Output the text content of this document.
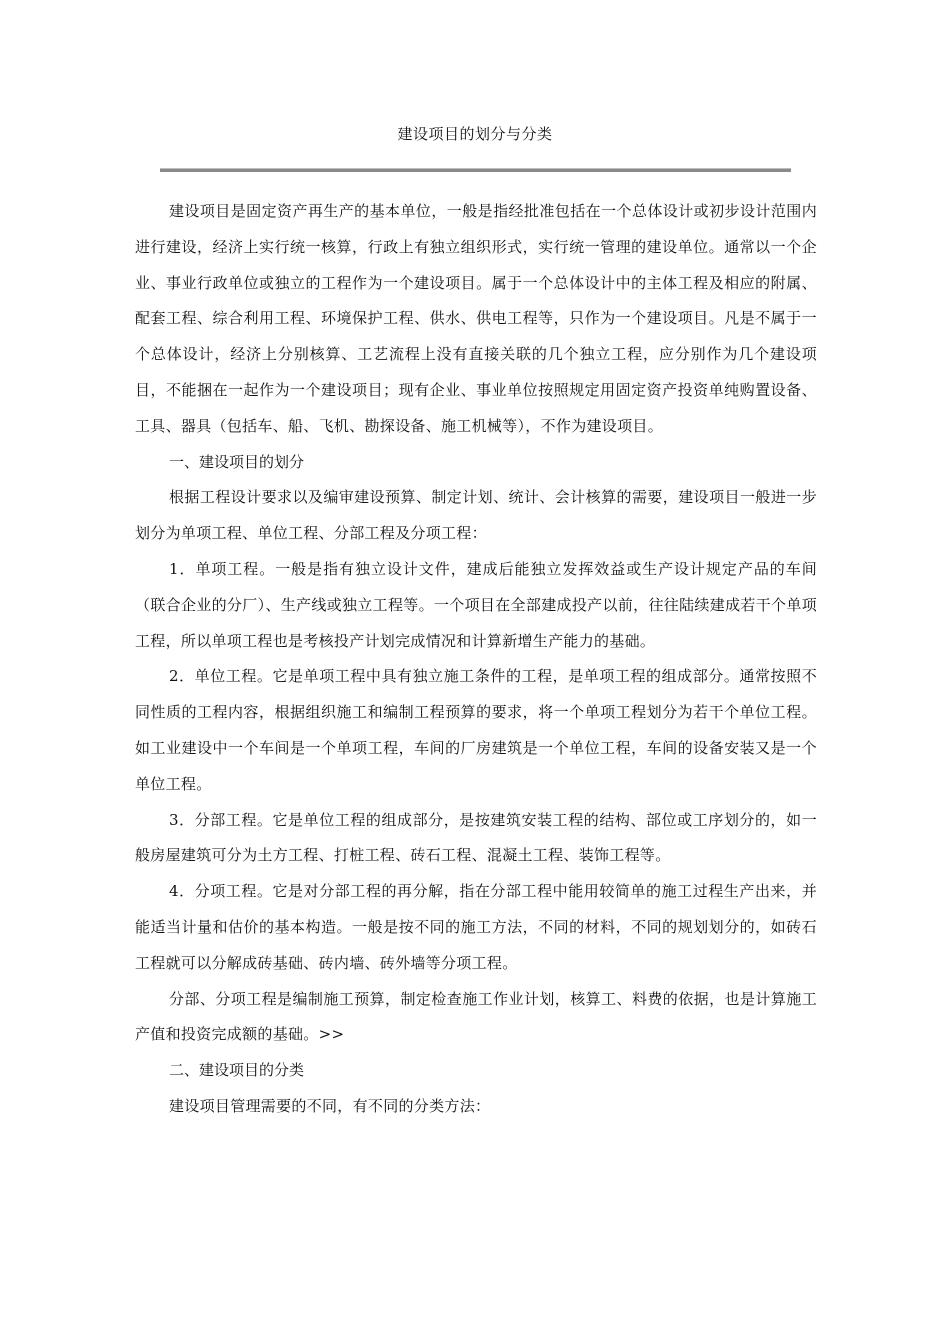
建设项目的划分与分类

建设项目是固定资产再生产的基本单位，一般是指经批准包括在一个总体设计或初步设计范围内进行建设，经济上实行统一核算，行政上有独立组织形式，实行统一管理的建设单位。通常以一个企业、事业行政单位或独立的工程作为一个建设项目。属于一个总体设计中的主体工程及相应的附属、配套工程、综合利用工程、环境保护工程、供水、供电工程等，只作为一个建设项目。凡是不属于一个总体设计，经济上分别核算、工艺流程上没有直接关联的几个独立工程，应分别作为几个建设项目，不能捆在一起作为一个建设项目；现有企业、事业单位按照规定用固定资产投资单纯购置设备、工具、器具（包括车、船、飞机、勘探设备、施工机械等），不作为建设项目。

一、建设项目的划分

根据工程设计要求以及编审建设预算、制定计划、统计、会计核算的需要，建设项目一般进一步划分为单项工程、单位工程、分部工程及分项工程：

1．单项工程。一般是指有独立设计文件，建成后能独立发挥效益或生产设计规定产品的车间（联合企业的分厂）、生产线或独立工程等。一个项目在全部建成投产以前，往往陆续建成若干个单项工程，所以单项工程也是考核投产计划完成情况和计算新增生产能力的基础。

2．单位工程。它是单项工程中具有独立施工条件的工程，是单项工程的组成部分。通常按照不同性质的工程内容，根据组织施工和编制工程预算的要求，将一个单项工程划分为若干个单位工程。如工业建设中一个车间是一个单项工程，车间的厂房建筑是一个单位工程，车间的设备安装又是一个单位工程。

3．分部工程。它是单位工程的组成部分，是按建筑安装工程的结构、部位或工序划分的，如一般房屋建筑可分为土方工程、打桩工程、砖石工程、混凝土工程、装饰工程等。

4．分项工程。它是对分部工程的再分解，指在分部工程中能用较简单的施工过程生产出来，并能适当计量和估价的基本构造。一般是按不同的施工方法，不同的材料，不同的规划划分的，如砖石工程就可以分解成砖基础、砖内墙、砖外墙等分项工程。

分部、分项工程是编制施工预算，制定检查施工作业计划，核算工、料费的依据，也是计算施工产值和投资完成额的基础。>>

二、建设项目的分类

建设项目管理需要的不同，有不同的分类方法：
